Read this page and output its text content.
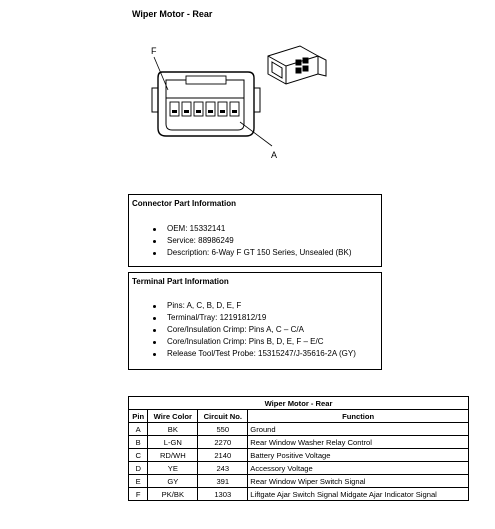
Wiper Motor - Rear
F
A
Connector Part Information
OEM: 15332141
Service: 88986249
Description: 6-Way F GT 150 Series, Unsealed (BK)
Terminal Part Information
Pins: A, C, B, D, E, F
Terminal/Tray: 12191812/19
Core/Insulation Crimp: Pins A, C – C/A
Core/Insulation Crimp: Pins B, D, E, F – E/C
Release Tool/Test Probe: 15315247/J-35616-2A (GY)
Wiper Motor - Rear			
Pin	Wire Color	Circuit No.	Function
A	BK	550	Ground
B	L-GN	2270	Rear Window Washer Relay Control
C	RD/WH	2140	Battery Positive Voltage
D	YE	243	Accessory Voltage
E	GY	391	Rear Window Wiper Switch Signal
F	PK/BK	1303	Liftgate Ajar Switch Signal Midgate Ajar Indicator Signal
